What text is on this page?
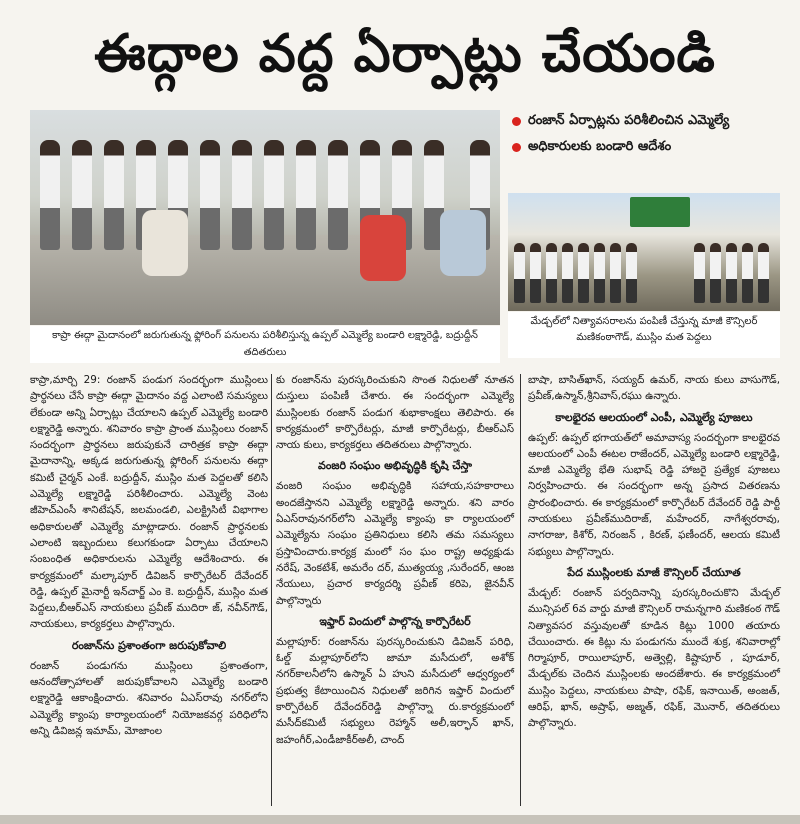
ఈద్గాల వద్ద ఏర్పాట్లు చేయండి
కాప్రా ఈద్గా మైదానంలో జరుగుతున్న ఫ్లోరింగ్ పనులను పరిశీలిస్తున్న ఉప్పల్ ఎమ్మెల్యే బండారి లక్ష్మారెడ్డి, బద్రుద్దీన్ తదితరులు
రంజాన్ ఏర్పాట్లను పరిశీలించిన ఎమ్మెల్యే
అధికారులకు బండారి ఆదేశం
మేడ్చల్‌లో నిత్యావసరాలను పంపిణీ చేస్తున్న మాజీ కౌన్సిలర్ మణికంఠాగౌడ్, ముస్లిం మత పెద్దలు

కాప్రా,మార్చి 29: రంజాన్ పండుగ సందర్భంగా ముస్లింలు ప్రార్థనలు చేసే కాప్రా ఈద్గా మైదానం వద్ద ఎలాంటి సమస్యలు లేకుండా అన్ని ఏర్పాట్లు చేయాలని ఉప్పల్ ఎమ్మెల్యే బండారి లక్ష్మారెడ్డి అన్నారు. శనివారం కాప్రా ప్రాంత ముస్లింలు రంజాన్ సందర్భంగా ప్రార్థనలు జరుపుకునే చారిత్రక కాప్రా ఈద్గా మైదానాన్ని, అక్కడ జరుగుతున్న ఫ్లోరింగ్ పనులను ఈద్గా కమిటీ చైర్మన్ ఎంకే. బద్రుద్దీన్, ముస్లిం మత పెద్దలతో కలిసి ఎమ్మెల్యే లక్ష్మారెడ్డి పరిశీలించారు. ఎమ్మెల్యే వెంట జీహెచ్ఎంసీ శానిటేషన్, జలమండలి, ఎలక్ట్రిసిటీ విభాగాల అధికారులతో ఎమ్మెల్యే మాట్లాడారు. రంజాన్ ప్రార్థనలకు ఎలాంటి ఇబ్బందులు కలుగకుండా ఏర్పాటు చేయాలని సంబంధిత అధికారులను ఎమ్మెల్యే ఆదేశించారు. ఈ కార్యక్రమంలో మల్కాపూర్ డివిజన్ కార్పొరేటర్ దేవేందర్ రెడ్డి, ఉప్పల్ మైనార్టీ ఇన్‌చార్జ్ ఎం కె. బద్రుద్దీన్, ముస్లిం మత పెద్దలు,బీఆర్ఎస్ నాయకులు ప్రవీణ్ ముదిరా జ్, నవీన్‌గౌడ్, నాయకులు, కార్యకర్తలు పాల్గొన్నారు.

రంజాన్‌ను ప్రశాంతంగా జరుపుకోవాలి

రంజాన్ పండుగను ముస్లింలు ప్రశాంతంగా, ఆనందోత్సాహాలతో జరుపుకోవాలని ఎమ్మెల్యే బండారి లక్ష్మారెడ్డి ఆకాంక్షించారు. శనివారం ఏఎస్‌రావు నగర్‌లోని ఎమ్మెల్యే క్యాంపు కార్యాలయంలో నియోజకవర్గ పరిధిలోని అన్ని డివిజన్ల ఇమామ్, మోజాంల

కు రంజాన్‌ను పురస్కరించుకుని సొంత నిధులతో నూతన దుస్తులు పంపిణీ చేశారు. ఈ సందర్భంగా ఎమ్మెల్యే ముస్లింలకు రంజాన్ పండుగ శుభాకాంక్షలు తెలిపారు. ఈ కార్యక్రమంలో కార్పొరేటర్లు, మాజీ కార్పొరేటర్లు, బీఆర్ఎస్ నాయ కులు, కార్యకర్తలు తదితరులు పాల్గొన్నారు.

వంజరి సంఘం అభివృద్ధికి కృషి చేస్తా

వంజరి సంఘం అభివృద్ధికి సహాయ,సహకారాలు అందజేస్తానని ఎమ్మెల్యే లక్ష్మారెడ్డి అన్నారు. శని వారం ఏఎస్‌రావునగర్‌లోని ఎమ్మెల్యే క్యాంపు కా ర్యాలయంలో ఎమ్మెల్యేను సంఘం ప్రతినిధులు కలిసి తమ సమస్యలు ప్రస్తావించారు.కార్యక్ర మంలో సం ఘం రాష్ట్ర అధ్యక్షుడు నరేష్, వెంకటేశ్, అమరేం దర్, ముత్యయ్య ,సురేందర్, ఆంజ నేయులు, ప్రచార కార్యదర్శి ప్రవీణ్ కరిపె, జైనవీన్ పాల్గొన్నారు

ఇఫ్తార్ విందులో పాల్గొన్న కార్పొరేటర్

మల్లాపూర్: రంజాన్‌ను పురస్కరించుకుని డివిజన్ పరిధి, ఓల్డ్ మల్లాపూర్‌లోని జామా మసీదులో, అశోక్ నగర్‌కాలనీలోని ఉస్మాన్ ఏ హుని మసీదులో ఆధ్వర్యంలో ప్రభుత్వ కేటాయించిన నిధులతో జరిగిన ఇఫ్తార్ విందులో కార్పొరేటర్ దేవేందర్‌రెడ్డి పాల్గొన్నా రు.కార్యక్రమంలో మసీద్‌కమిటీ సభ్యులు రెహ్మాన్ అలీ,ఇర్ఫాన్ ఖాన్, జహంగీర్,ఎండీజాకీర్‌అలీ, చాంద్

బాషా, బాసిత్‌ఖాన్, సయ్యద్ ఉమర్, నాయ కులు వాసుగౌడ్, ప్రవీణ్,ఉస్మాన్,శ్రీనివాస్,రఘు ఉన్నారు.

కాలభైరవ ఆలయంలో ఎంపీ, ఎమ్మెల్యే పూజలు

ఉప్పల్: ఉప్పల్ భగాయత్‌లో అమావాస్య సందర్భంగా కాలభైరవ ఆలయంలో ఎంపీ ఈటల రాజేందర్, ఎమ్మెల్యే బండారి లక్ష్మారెడ్డి, మాజీ ఎమ్మెల్యే భేతి సుభాష్ రెడ్డి హాజరై ప్రత్యేక పూజలు నిర్వహించారు. ఈ సందర్భంగా అన్న ప్రసాద వితరణను ప్రారంభించారు. ఈ కార్యక్రమంలో కార్పొరేటర్ దేవేందర్ రెడ్డి పార్టీ నాయకులు ప్రవీణ్‌ముదిరాజ్, మహేందర్, నాగేశ్వరరావు, నాగరాజు, కిశోర్, నిరంజన్ , కిరణ్, ఫణీందర్, ఆలయ కమిటీ సభ్యులు పాల్గొన్నారు.

పేద ముస్లింలకు మాజీ కౌన్సిలర్ చేయూత

మేడ్చల్: రంజాన్ పర్వదినాన్ని పురస్కరించుకొని మేడ్చల్ మున్సిపల్ 6వ వార్డు మాజీ కౌన్సిలర్ రామన్నగారి మణికంఠ గౌడ్ నిత్యావసర వస్తువులతో కూడిన కిట్లు 1000 తయారు చేయించారు. ఈ కిట్లు ను పండుగను ముందే శుక్ర, శనివారాల్లో గిర్మాపూర్, రాయిలాపూర్, అత్వెల్లి, కిష్టాపూర్ , పూడూర్, మేడ్చల్‌కు చెందిన ముస్లింలకు అందజేశారు. ఈ కార్యక్రమంలో ముస్లిం పెద్దలు, నాయకులు పాషా, రఫిక్, ఇనాయిత్, అంజత్, ఆరిఫ్, ఖాన్, అష్రాఫ్, అజ్మత్, రఫిక్, మొనార్, తదితరులు పాల్గొన్నారు.
